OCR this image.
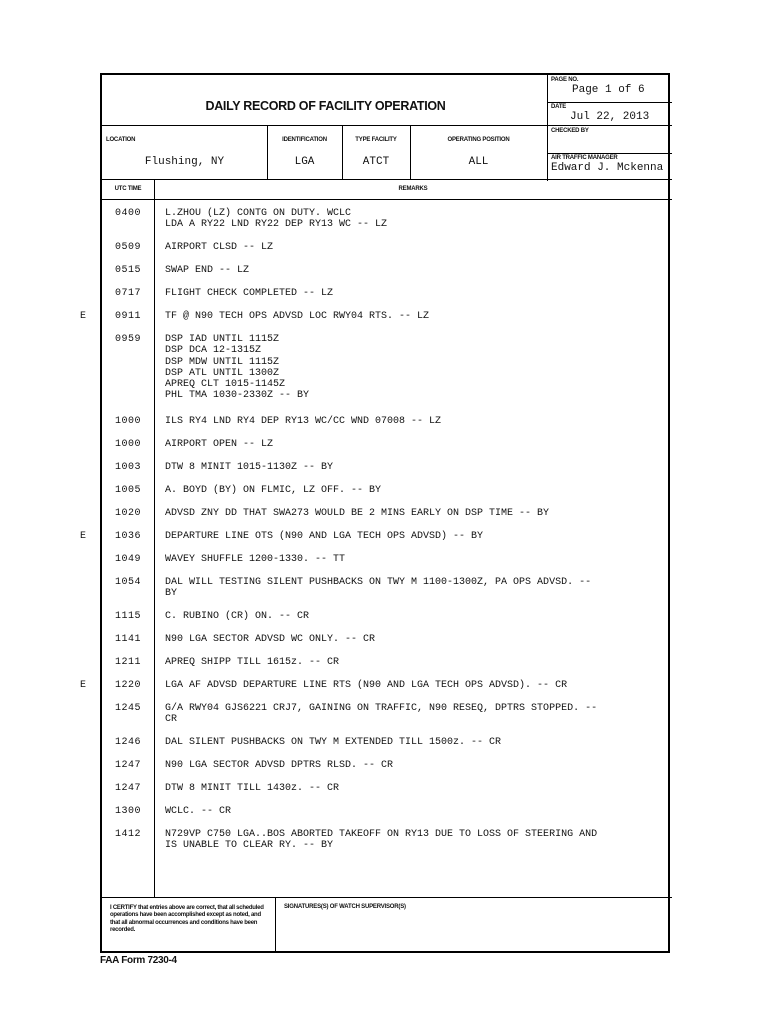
DAILY RECORD OF FACILITY OPERATION
PAGE NO.
Page 1 of 6
DATE
Jul 22, 2013
CHECKED BY
AIR TRAFFIC MANAGER
Edward J. Mckenna
LOCATION
Flushing, NY
IDENTIFICATION
LGA
TYPE FACILITY
ATCT
OPERATING POSITION
ALL
UTC TIME	REMARKS
0400	L.ZHOU (LZ) CONTG ON DUTY. WCLC
LDA A RY22 LND RY22 DEP RY13 WC -- LZ
0509	AIRPORT CLSD -- LZ
0515	SWAP END -- LZ
0717	FLIGHT CHECK COMPLETED -- LZ
E	0911	TF @ N90 TECH OPS ADVSD LOC RWY04 RTS. -- LZ
0959	DSP IAD UNTIL 1115Z
DSP DCA 12-1315Z
DSP MDW UNTIL 1115Z
DSP ATL UNTIL 1300Z
APREQ CLT 1015-1145Z
PHL TMA 1030-2330Z -- BY
1000	ILS RY4 LND RY4 DEP RY13 WC/CC WND 07008 -- LZ
1000	AIRPORT OPEN -- LZ
1003	DTW 8 MINIT 1015-1130Z -- BY
1005	A. BOYD (BY) ON FLMIC, LZ OFF. -- BY
1020	ADVSD ZNY DD THAT SWA273 WOULD BE 2 MINS EARLY ON DSP TIME -- BY
E	1036	DEPARTURE LINE OTS (N90 AND LGA TECH OPS ADVSD) -- BY
1049	WAVEY SHUFFLE 1200-1330. -- TT
1054	DAL WILL TESTING SILENT PUSHBACKS ON TWY M 1100-1300Z, PA OPS ADVSD. --
BY
1115	C. RUBINO (CR) ON. -- CR
1141	N90 LGA SECTOR ADVSD WC ONLY. -- CR
1211	APREQ SHIPP TILL 1615z. -- CR
E	1220	LGA AF ADVSD DEPARTURE LINE RTS (N90 AND LGA TECH OPS ADVSD). -- CR
1245	G/A RWY04 GJS6221 CRJ7, GAINING ON TRAFFIC, N90 RESEQ, DPTRS STOPPED. --
CR
1246	DAL SILENT PUSHBACKS ON TWY M EXTENDED TILL 1500z. -- CR
1247	N90 LGA SECTOR ADVSD DPTRS RLSD. -- CR
1247	DTW 8 MINIT TILL 1430z. -- CR
1300	WCLC. -- CR
1412	N729VP C750 LGA..BOS ABORTED TAKEOFF ON RY13 DUE TO LOSS OF STEERING AND
IS UNABLE TO CLEAR RY. -- BY
I CERTIFY that entries above are correct, that all scheduled operations have been accomplished except as noted, and that all abnormal occurrences and conditions have been recorded.
SIGNATURES(S) OF WATCH SUPERVISOR(S)
FAA Form 7230-4
